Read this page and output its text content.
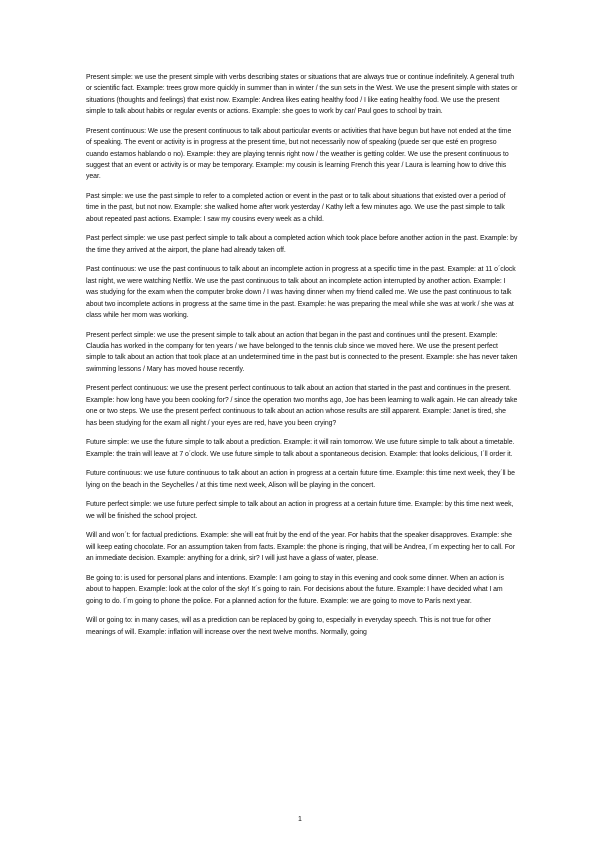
Present simple: we use the present simple with verbs describing states or situations that are always true or continue indefinitely. A general truth or scientific fact. Example: trees grow more quickly in summer than in winter / the sun sets in the West. We use the present simple with states or situations (thoughts and feelings) that exist now. Example: Andrea likes eating healthy food / I like eating healthy food. We use the present simple to talk about habits or regular events or actions. Example: she goes to work by car/ Paul goes to school by train.

Present continuous: We use the present continuous to talk about particular events or activities that have begun but have not ended at the time of speaking. The event or activity is in progress at the present time, but not necessarily now of speaking (puede ser que esté en progreso cuando estamos hablando o no). Example: they are playing tennis right now / the weather is getting colder. We use the present continuous to suggest that an event or activity is or may be temporary. Example: my cousin is learning French this year / Laura is learning how to drive this year.

Past simple: we use the past simple to refer to a completed action or event in the past or to talk about situations that existed over a period of time in the past, but not now. Example: she walked home after work yesterday / Kathy left a few minutes ago. We use the past simple to talk about repeated past actions. Example: I saw my cousins every week as a child.

Past perfect simple: we use past perfect simple to talk about a completed action which took place before another action in the past. Example: by the time they arrived at the airport, the plane had already taken off.

Past continuous: we use the past continuous to talk about an incomplete action in progress at a specific time in the past. Example: at 11 o´clock last night, we were watching Netflix. We use the past continuous to talk about an incomplete action interrupted by another action. Example: I was studying for the exam when the computer broke down / I was having dinner when my friend called me. We use the past continuous to talk about two incomplete actions in progress at the same time in the past. Example: he was preparing the meal while she was at work / she was at class while her mom was working.

Present perfect simple: we use the present simple to talk about an action that began in the past and continues until the present. Example: Claudia has worked in the company for ten years / we have belonged to the tennis club since we moved here. We use the present perfect simple to talk about an action that took place at an undetermined time in the past but is connected to the present. Example: she has never taken swimming lessons / Mary has moved house recently.

Present perfect continuous: we use the present perfect continuous to talk about an action that started in the past and continues in the present. Example: how long have you been cooking for? / since the operation two months ago, Joe has been learning to walk again. He can already take one or two steps. We use the present perfect continuous to talk about an action whose results are still apparent. Example: Janet is tired, she has been studying for the exam all night / your eyes are red, have you been crying?

Future simple: we use the future simple to talk about a prediction. Example: it will rain tomorrow. We use future simple to talk about a timetable. Example: the train will leave at 7 o´clock. We use future simple to talk about a spontaneous decision. Example: that looks delicious, I´ll order it.

Future continuous: we use future continuous to talk about an action in progress at a certain future time. Example: this time next week, they´ll be lying on the beach in the Seychelles / at this time next week, Alison will be playing in the concert.

Future perfect simple: we use future perfect simple to talk about an action in progress at a certain future time. Example: by this time next week, we will be finished the school project.

Will and won´t: for factual predictions. Example: she will eat fruit by the end of the year. For habits that the speaker disapproves. Example: she will keep eating chocolate. For an assumption taken from facts. Example: the phone is ringing, that will be Andrea, I´m expecting her to call. For an immediate decision. Example: anything for a drink, sir? I will just have a glass of water, please.

Be going to: is used for personal plans and intentions. Example: I am going to stay in this evening and cook some dinner. When an action is about to happen. Example: look at the color of the sky! It´s going to rain. For decisions about the future. Example: I have decided what I am going to do. I´m going to phone the police. For a planned action for the future. Example: we are going to move to París next year.

Will or going to: in many cases, will as a prediction can be replaced by going to, especially in everyday speech. This is not true for other meanings of will. Example: inflation will increase over the next twelve months. Normally, going

1
